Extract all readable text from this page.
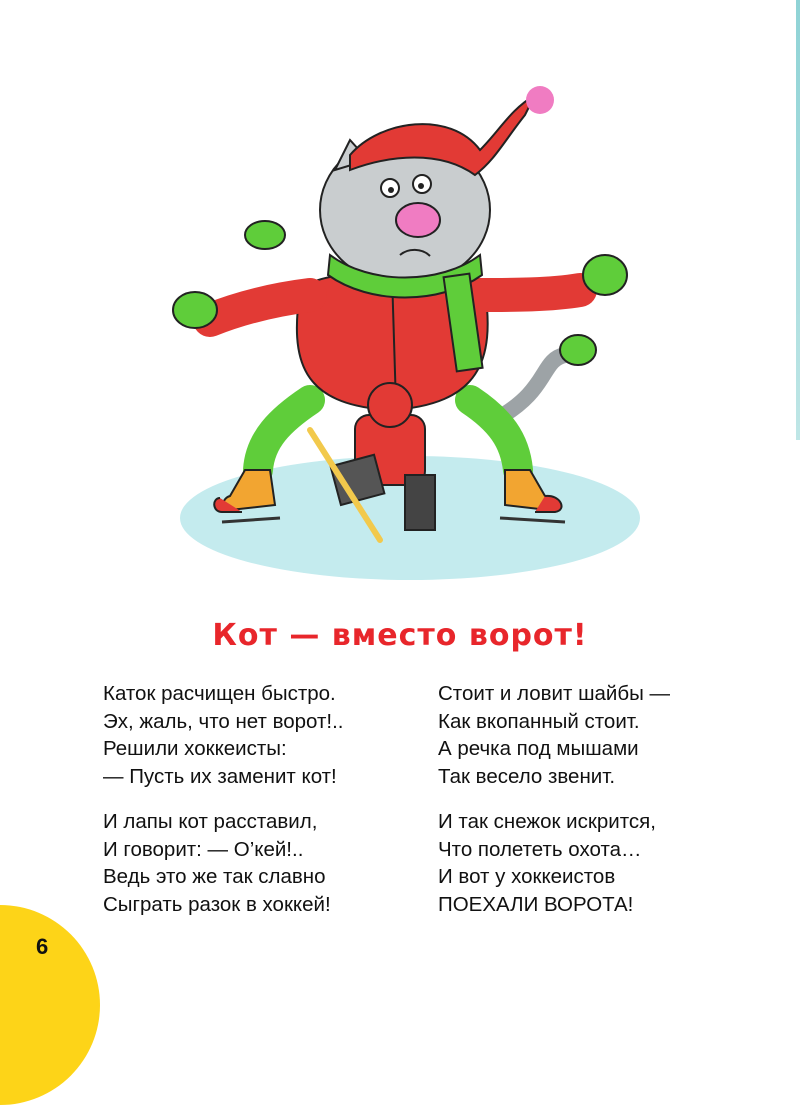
Кот — вместо ворот!
Каток расчищен быстро.
Эх, жаль, что нет ворот!..
Решили хоккеисты:
— Пусть их заменит кот!
И лапы кот расставил,
И говорит: — О’кей!..
Ведь это же так славно
Сыграть разок в хоккей!
Стоит и ловит шайбы —
Как вкопанный стоит.
А речка под мышами
Так весело звенит.
И так снежок искрится,
Что полететь охота…
И вот у хоккеистов
ПОЕХАЛИ ВОРОТА!
6
